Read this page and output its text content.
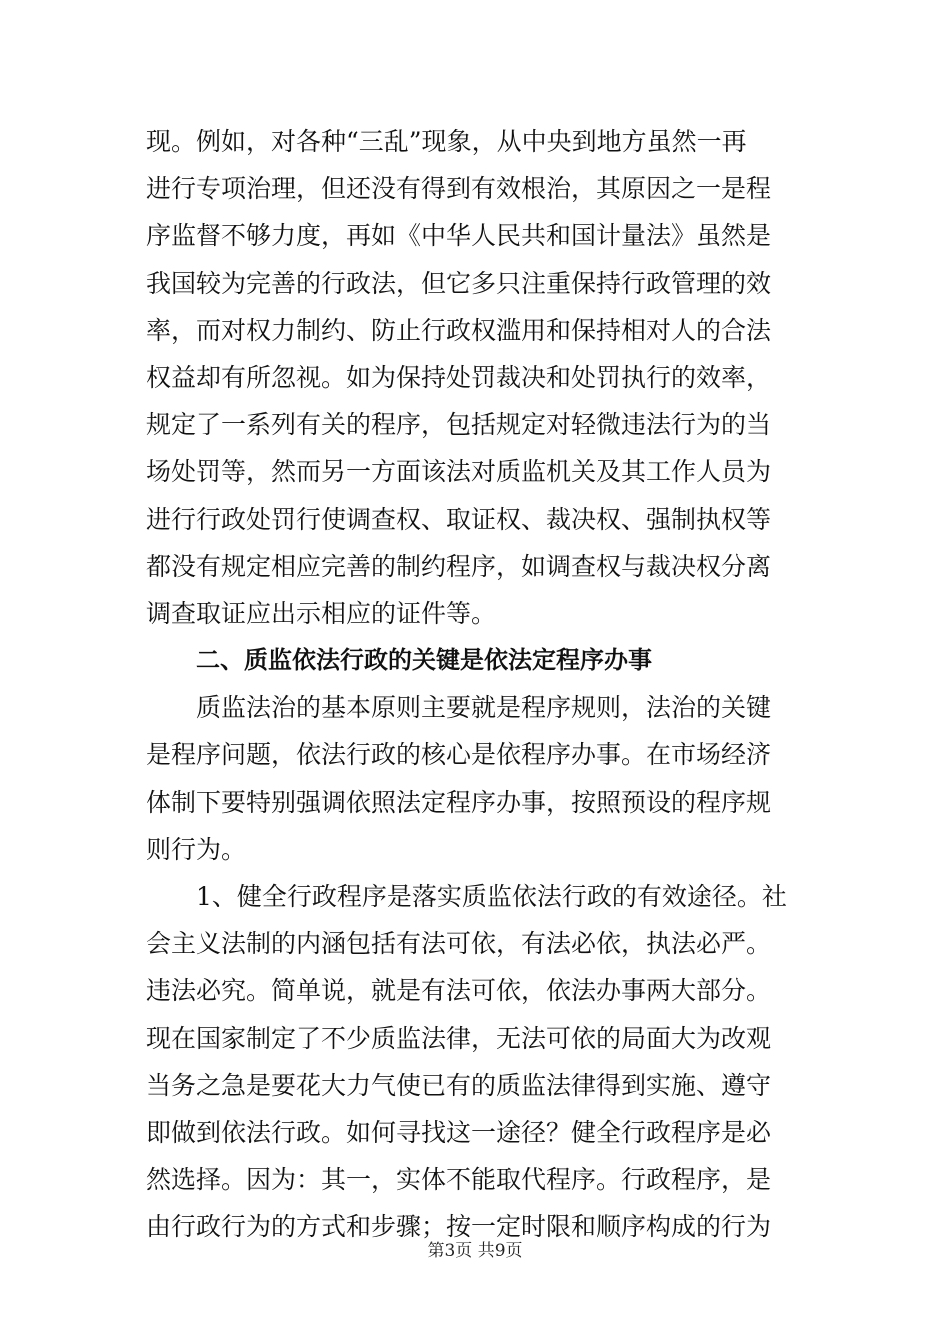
现。例如，对各种“三乱”现象，从中央到地方虽然一再
进行专项治理，但还没有得到有效根治，其原因之一是程
序监督不够力度，再如《中华人民共和国计量法》虽然是
我国较为完善的行政法，但它多只注重保持行政管理的效
率，而对权力制约、防止行政权滥用和保持相对人的合法
权益却有所忽视。如为保持处罚裁决和处罚执行的效率，
规定了一系列有关的程序，包括规定对轻微违法行为的当
场处罚等，然而另一方面该法对质监机关及其工作人员为
进行行政处罚行使调查权、取证权、裁决权、强制执权等
都没有规定相应完善的制约程序，如调查权与裁决权分离
调查取证应出示相应的证件等。
二、质监依法行政的关键是依法定程序办事
质监法治的基本原则主要就是程序规则，法治的关键
是程序问题，依法行政的核心是依程序办事。在市场经济
体制下要特别强调依照法定程序办事，按照预设的程序规
则行为。
1、健全行政程序是落实质监依法行政的有效途径。社
会主义法制的内涵包括有法可依，有法必依，执法必严。
违法必究。简单说，就是有法可依，依法办事两大部分。
现在国家制定了不少质监法律，无法可依的局面大为改观
当务之急是要花大力气使已有的质监法律得到实施、遵守
即做到依法行政。如何寻找这一途径？健全行政程序是必
然选择。因为：其一，实体不能取代程序。行政程序，是
由行政行为的方式和步骤；按一定时限和顺序构成的行为
第3页 共9页
